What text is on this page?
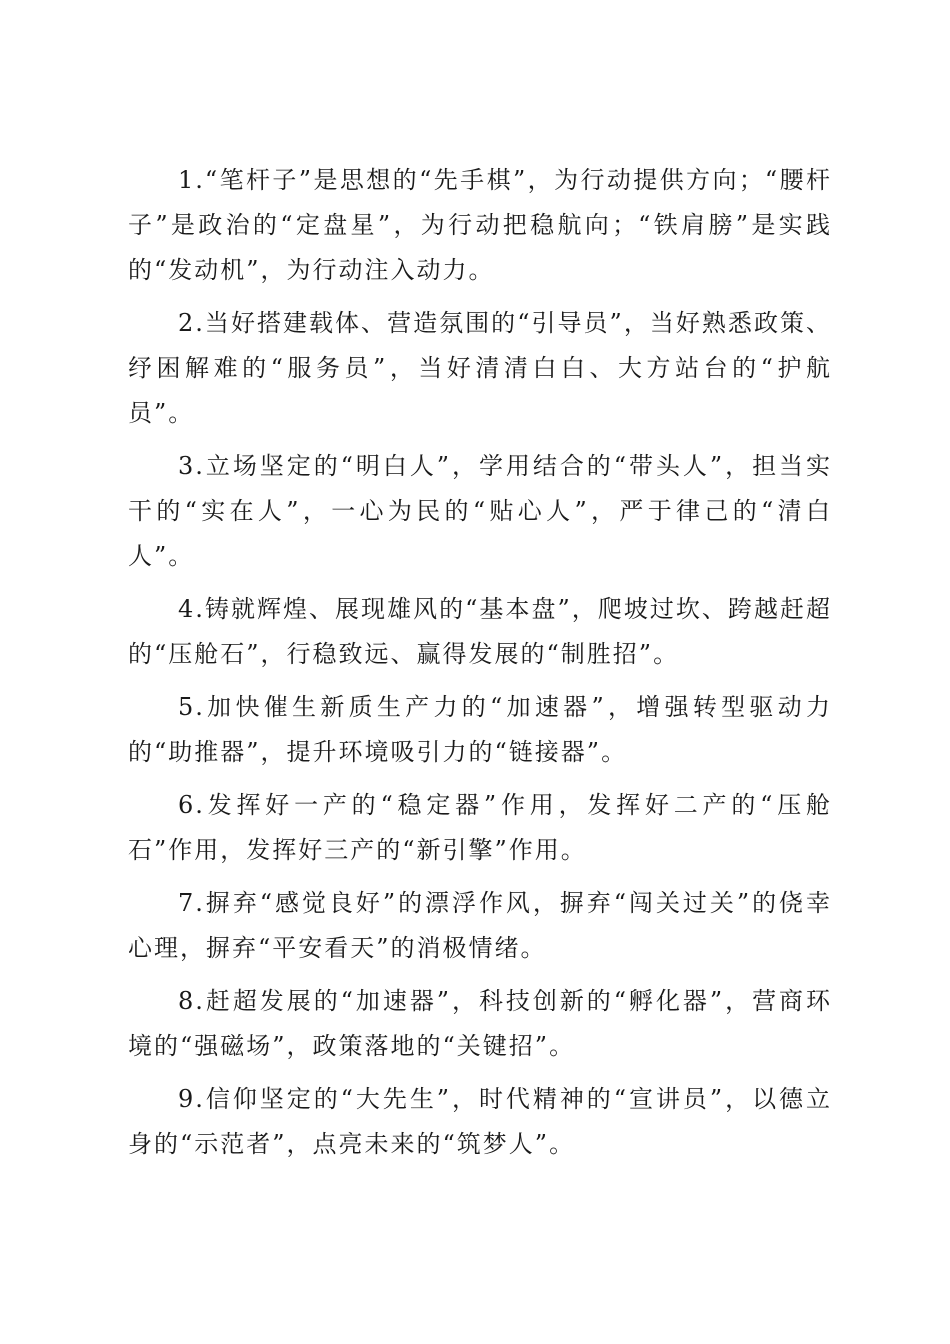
1.“笔杆子”是思想的“先手棋”，为行动提供方向；“腰杆子”是政治的“定盘星”，为行动把稳航向；“铁肩膀”是实践的“发动机”，为行动注入动力。

2.当好搭建载体、营造氛围的“引导员”，当好熟悉政策、纾困解难的“服务员”，当好清清白白、大方站台的“护航员”。

3.立场坚定的“明白人”，学用结合的“带头人”，担当实干的“实在人”，一心为民的“贴心人”，严于律己的“清白人”。

4.铸就辉煌、展现雄风的“基本盘”，爬坡过坎、跨越赶超的“压舱石”，行稳致远、赢得发展的“制胜招”。

5.加快催生新质生产力的“加速器”，增强转型驱动力的“助推器”，提升环境吸引力的“链接器”。

6.发挥好一产的“稳定器”作用，发挥好二产的“压舱石”作用，发挥好三产的“新引擎”作用。

7.摒弃“感觉良好”的漂浮作风，摒弃“闯关过关”的侥幸心理，摒弃“平安看天”的消极情绪。

8.赶超发展的“加速器”，科技创新的“孵化器”，营商环境的“强磁场”，政策落地的“关键招”。

9.信仰坚定的“大先生”，时代精神的“宣讲员”，以德立身的“示范者”，点亮未来的“筑梦人”。
